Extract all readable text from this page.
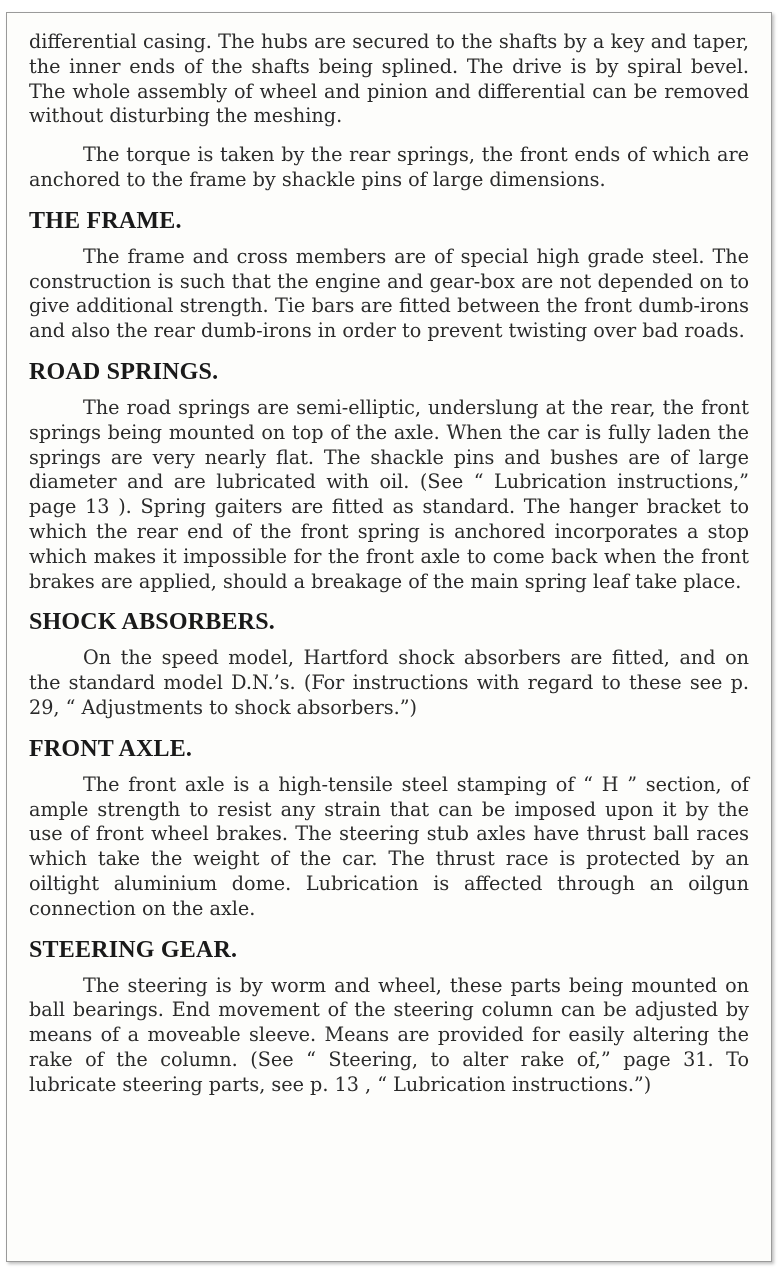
differential casing. The hubs are secured to the shafts by a key and taper, the inner ends of the shafts being splined. The drive is by spiral bevel. The whole assembly of wheel and pinion and differential can be removed without disturbing the meshing.

The torque is taken by the rear springs, the front ends of which are anchored to the frame by shackle pins of large dimensions.

THE FRAME.

The frame and cross members are of special high grade steel. The construction is such that the engine and gear-box are not depended on to give additional strength. Tie bars are fitted between the front dumb-irons and also the rear dumb-irons in order to prevent twisting over bad roads.

ROAD SPRINGS.

The road springs are semi-elliptic, underslung at the rear, the front springs being mounted on top of the axle. When the car is fully laden the springs are very nearly flat. The shackle pins and bushes are of large diameter and are lubricated with oil. (See “ Lubrication instructions,” page 13 ). Spring gaiters are fitted as standard. The hanger bracket to which the rear end of the front spring is anchored incorporates a stop which makes it impossible for the front axle to come back when the front brakes are applied, should a breakage of the main spring leaf take place.

SHOCK ABSORBERS.

On the speed model, Hartford shock absorbers are fitted, and on the standard model D.N.’s. (For instructions with regard to these see p. 29, “ Adjustments to shock absorbers.”)

FRONT AXLE.

The front axle is a high-tensile steel stamping of “ H ” section, of ample strength to resist any strain that can be imposed upon it by the use of front wheel brakes. The steering stub axles have thrust ball races which take the weight of the car. The thrust race is protected by an oiltight aluminium dome. Lubrication is affected through an oilgun connection on the axle.

STEERING GEAR.

The steering is by worm and wheel, these parts being mounted on ball bearings. End movement of the steering column can be adjusted by means of a moveable sleeve. Means are provided for easily altering the rake of the column. (See “ Steering, to alter rake of,” page 31. To lubricate steering parts, see p. 13 , “ Lubrication instructions.”)
